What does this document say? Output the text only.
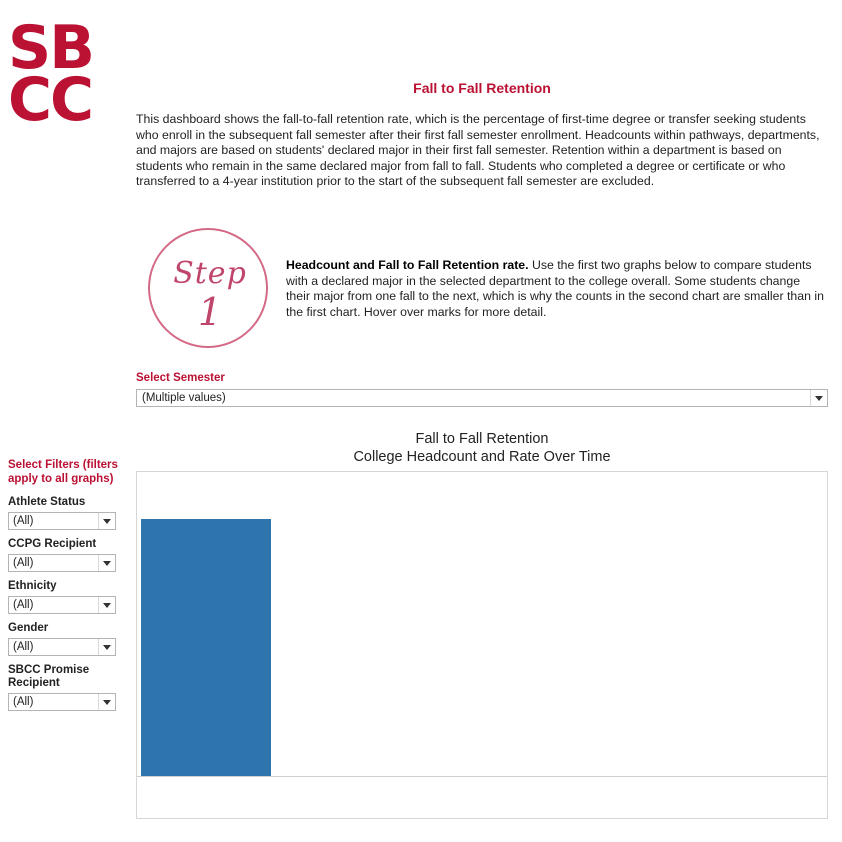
SB
CC	Fall to Fall Retention
This dashboard shows the fall-to-fall retention rate, which is the percentage of first-time degree or transfer seeking students who enroll in the subsequent fall semester after their first fall semester enrollment. Headcounts within pathways, departments, and majors are based on students' declared major in their first fall semester. Retention within a department is based on students who remain in the same declared major from fall to fall. Students who completed a degree or certificate or who transferred to a 4-year institution prior to the start of the subsequent fall semester are excluded.
Step
1
Headcount and Fall to Fall Retention rate. Use the first two graphs below to compare students with a declared major in the selected department to the college overall. Some students change their major from one fall to the next, which is why the counts in the second chart are smaller than in the first chart. Hover over marks for more detail.
Select Semester
(Multiple values)
Select Filters (filters apply to all graphs)
Athlete Status
(All)
CCPG Recipient
(All)
Ethnicity
(All)
Gender
(All)
SBCC Promise Recipient
(All)
Fall to Fall Retention
College Headcount and Rate Over Time
